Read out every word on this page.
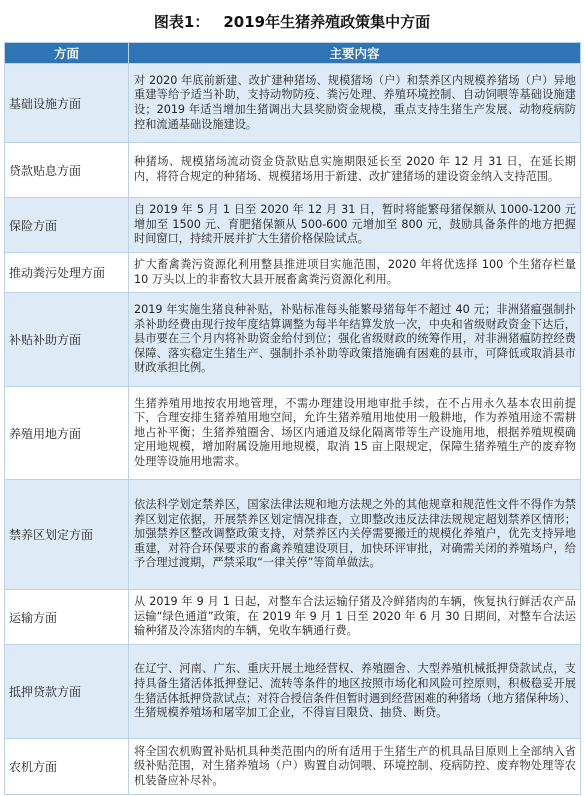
图表1： 2019年生猪养殖政策集中方面
方面	主要内容
基础设施方面	对 2020 年底前新建、改扩建种猪场、规模猪场（户）和禁养区内规模养猪场（户）异地重建等给予适当补助，支持动物防疫、粪污处理、养殖环境控制、自动饲喂等基础设施建设；2019 年适当增加生猪调出大县奖励资金规模，重点支持生猪生产发展、动物疫病防控和流通基础设施建设。
贷款贴息方面	种猪场、规模猪场流动资金贷款贴息实施期限延长至 2020 年 12 月 31 日，在延长期内，将符合规定的种猪场、规模猪场用于新建、改扩建猪场的建设资金纳入支持范围。
保险方面	自 2019 年 5 月 1 日至 2020 年 12 月 31 日，暂时将能繁母猪保额从 1000-1200 元增加至 1500 元、育肥猪保额从 500-600 元增加至 800 元，鼓励具备条件的地方把握时间窗口，持续开展并扩大生猪价格保险试点。
推动粪污处理方面	扩大畜禽粪污资源化利用整县推进项目实施范围，2020 年将优选择 100 个生猪存栏量 10 万头以上的非畜牧大县开展畜禽粪污资源化利用。
补贴补助方面	2019 年实施生猪良种补贴，补贴标准每头能繁母猪每年不超过 40 元；非洲猪瘟强制扑杀补助经费由现行按年度结算调整为每半年结算发放一次，中央和省级财政资金下达后，县市要在三个月内将补助资金给付到位；强化省级财政的统筹作用，对非洲猪瘟防控经费保障、落实稳定生猪生产、强制扑杀补助等政策措施确有困难的县市，可降低或取消县市财政承担比例。
养殖用地方面	生猪养殖用地按农用地管理，不需办理建设用地审批手续，在不占用永久基本农田前提下，合理安排生猪养殖用地空间，允许生猪养殖用地使用一般耕地，作为养殖用途不需耕地占补平衡；生猪养殖圈舍、场区内通道及绿化隔离带等生产设施用地，根据养殖规模确定用地规模，增加附属设施用地规模，取消 15 亩上限规定，保障生猪养殖生产的废弃物处理等设施用地需求。
禁养区划定方面	依法科学划定禁养区，国家法律法规和地方法规之外的其他规章和规范性文件不得作为禁养区划定依据，开展禁养区划定情况排查，立即整改违反法律法规规定超划禁养区情形；加强禁养区整改调整政策支持，对禁养区内关停需要搬迁的规模化养殖户，优先支持异地重建，对符合环保要求的畜禽养殖建设项目，加快环评审批，对确需关闭的养殖场户，给予合理过渡期，严禁采取“一律关停”等简单做法。
运输方面	从 2019 年 9 月 1 日起，对整车合法运输仔猪及冷鲜猪肉的车辆，恢复执行鲜活农产品运输“绿色通道”政策，在 2019 年 9 月 1 日至 2020 年 6 月 30 日期间，对整车合法运输种猪及冷冻猪肉的车辆，免收车辆通行费。
抵押贷款方面	在辽宁、河南、广东、重庆开展土地经营权、养殖圈舍、大型养殖机械抵押贷款试点，支持具备生猪活体抵押登记、流转等条件的地区按照市场化和风险可控原则，积极稳妥开展生猪活体抵押贷款试点；对符合授信条件但暂时遇到经营困难的种猪场（地方猪保种场）、生猪规模养殖场和屠宰加工企业，不得盲目限贷、抽贷、断贷。
农机方面	将全国农机购置补贴机具种类范围内的所有适用于生猪生产的机具品目原则上全部纳入省级补贴范围，对生猪养殖场（户）购置自动饲喂、环境控制、疫病防控、废弃物处理等农机装备应补尽补。
